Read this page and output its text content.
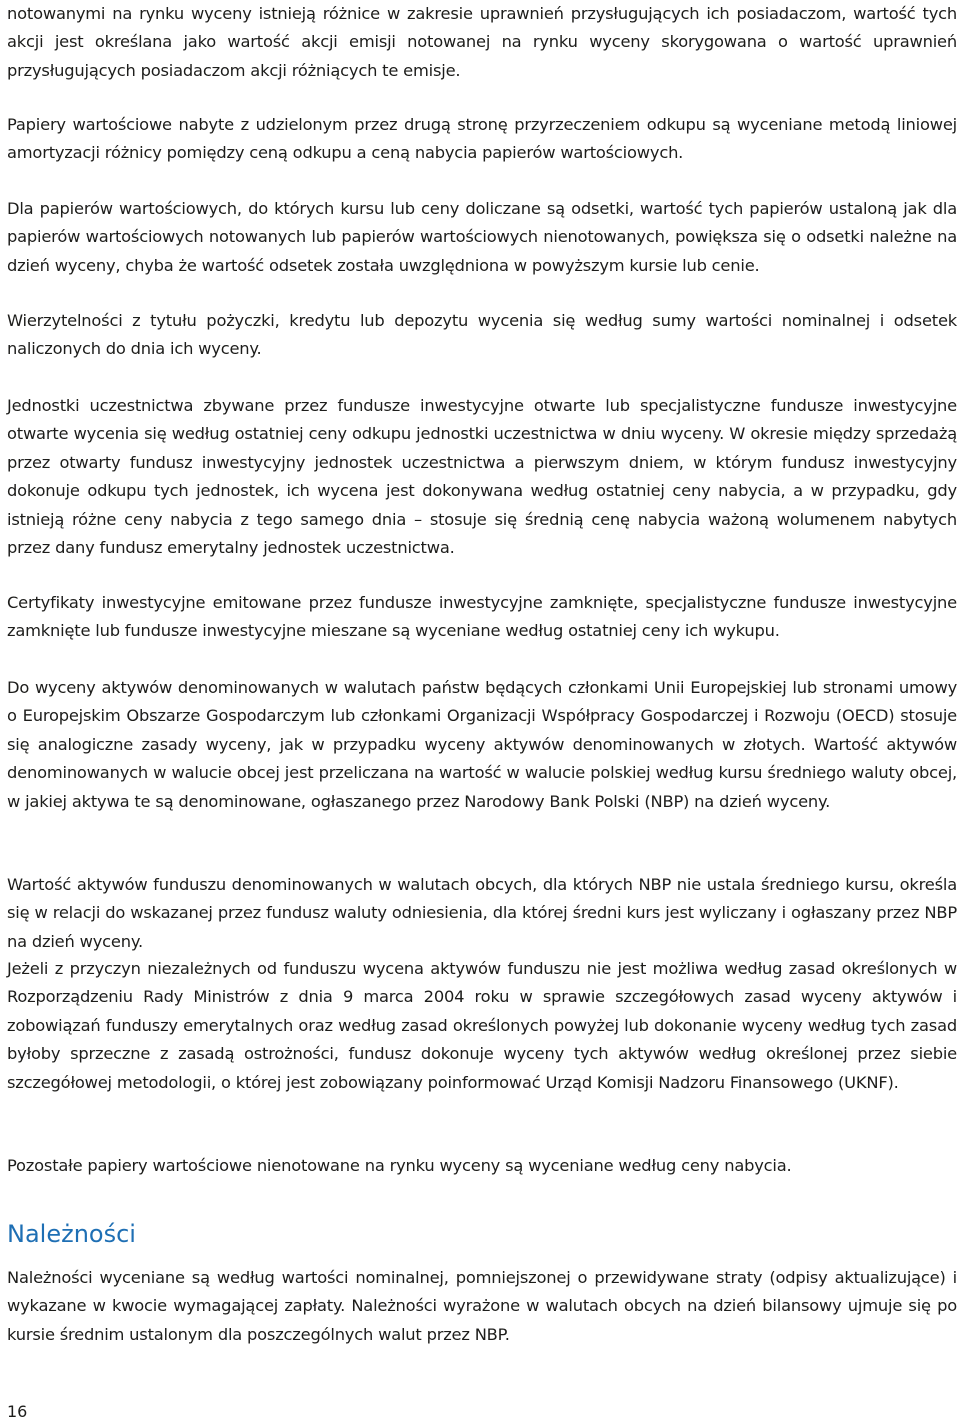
notowanymi na rynku wyceny istnieją różnice w zakresie uprawnień przysługujących ich posiadaczom, wartość tych akcji jest określana jako wartość akcji emisji notowanej na rynku wyceny skorygowana o wartość uprawnień przysługujących posiadaczom akcji różniących te emisje.

Papiery wartościowe nabyte z udzielonym przez drugą stronę przyrzeczeniem odkupu są wyceniane metodą liniowej amortyzacji różnicy pomiędzy ceną odkupu a ceną nabycia papierów wartościowych.

Dla papierów wartościowych, do których kursu lub ceny doliczane są odsetki, wartość tych papierów ustaloną jak dla papierów wartościowych notowanych lub papierów wartościowych nienotowanych, powiększa się o odsetki należne na dzień wyceny, chyba że wartość odsetek została uwzględniona w powyższym kursie lub cenie.

Wierzytelności z tytułu pożyczki, kredytu lub depozytu wycenia się według sumy wartości nominalnej i odsetek naliczonych do dnia ich wyceny.

Jednostki uczestnictwa zbywane przez fundusze inwestycyjne otwarte lub specjalistyczne fundusze inwestycyjne otwarte wycenia się według ostatniej ceny odkupu jednostki uczestnictwa w dniu wyceny. W okresie między sprzedażą przez otwarty fundusz inwestycyjny jednostek uczestnictwa a pierwszym dniem, w którym fundusz inwestycyjny dokonuje odkupu tych jednostek, ich wycena jest dokonywana według ostatniej ceny nabycia, a w przypadku, gdy istnieją różne ceny nabycia z tego samego dnia – stosuje się średnią cenę nabycia ważoną wolumenem nabytych przez dany fundusz emerytalny jednostek uczestnictwa.

Certyfikaty inwestycyjne emitowane przez fundusze inwestycyjne zamknięte, specjalistyczne fundusze inwestycyjne zamknięte lub fundusze inwestycyjne mieszane są wyceniane według ostatniej ceny ich wykupu.

Do wyceny aktywów denominowanych w walutach państw będących członkami Unii Europejskiej lub stronami umowy o Europejskim Obszarze Gospodarczym lub członkami Organizacji Współpracy Gospodarczej i Rozwoju (OECD) stosuje się analogiczne zasady wyceny, jak w przypadku wyceny aktywów denominowanych w złotych. Wartość aktywów denominowanych w walucie obcej jest przeliczana na wartość w walucie polskiej według kursu średniego waluty obcej, w jakiej aktywa te są denominowane, ogłaszanego przez Narodowy Bank Polski (NBP) na dzień wyceny.

Wartość aktywów funduszu denominowanych w walutach obcych, dla których NBP nie ustala średniego kursu, określa się w relacji do wskazanej przez fundusz waluty odniesienia, dla której średni kurs jest wyliczany i ogłaszany przez NBP na dzień wyceny.

Jeżeli z przyczyn niezależnych od funduszu wycena aktywów funduszu nie jest możliwa według zasad określonych w Rozporządzeniu Rady Ministrów z dnia 9 marca 2004 roku w sprawie szczegółowych zasad wyceny aktywów i zobowiązań funduszy emerytalnych oraz według zasad określonych powyżej lub dokonanie wyceny według tych zasad byłoby sprzeczne z zasadą ostrożności, fundusz dokonuje wyceny tych aktywów według określonej przez siebie szczegółowej metodologii, o której jest zobowiązany poinformować Urząd Komisji Nadzoru Finansowego (UKNF).

Pozostałe papiery wartościowe nienotowane na rynku wyceny są wyceniane według ceny nabycia.

Należności

Należności wyceniane są według wartości nominalnej, pomniejszonej o przewidywane straty (odpisy aktualizujące) i wykazane w kwocie wymagającej zapłaty. Należności wyrażone w walutach obcych na dzień bilansowy ujmuje się po kursie średnim ustalonym dla poszczególnych walut przez NBP.

16
